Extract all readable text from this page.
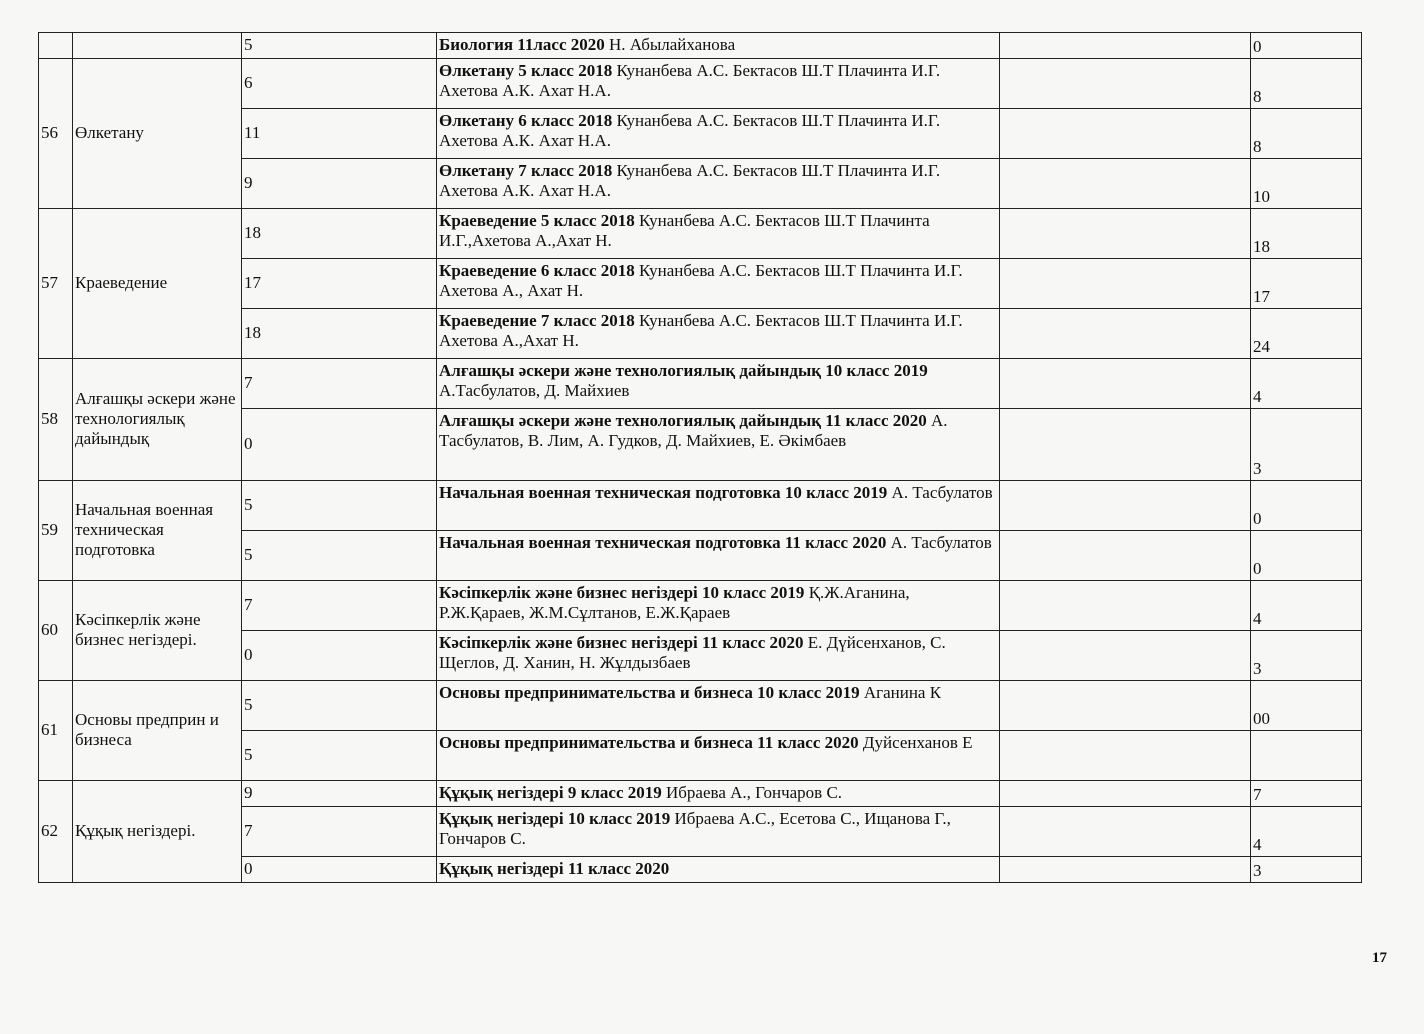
		5	Биология 11ласс 2020 Н. Абылайханова		0
56	Өлкетану	6	Өлкетану 5 класс 2018 Кунанбева А.С. Бектасов Ш.Т Плачинта И.Г. Ахетова А.К. Ахат Н.А.		8
		11	Өлкетану 6 класс 2018 Кунанбева А.С. Бектасов Ш.Т Плачинта И.Г. Ахетова А.К. Ахат Н.А.		8
		9	Өлкетану 7 класс 2018 Кунанбева А.С. Бектасов Ш.Т Плачинта И.Г. Ахетова А.К. Ахат Н.А.		10
57	Краеведение	18	Краеведение 5 класс 2018 Кунанбева А.С. Бектасов Ш.Т Плачинта И.Г.,Ахетова А.,Ахат Н.		18
		17	Краеведение 6 класс 2018 Кунанбева А.С. Бектасов Ш.Т Плачинта И.Г. Ахетова А., Ахат Н.		17
		18	Краеведение 7 класс 2018 Кунанбева А.С. Бектасов Ш.Т Плачинта И.Г. Ахетова А.,Ахат Н.		24
58	Алғашқы әскери және технологиялық дайындық	7	Алғашқы әскери және технологиялық дайындық 10 класс 2019 А.Тасбулатов, Д. Майхиев		4
		0	Алғашқы әскери және технологиялық дайындық 11 класс 2020 А. Тасбулатов, В. Лим, А. Гудков, Д. Майхиев, Е. Әкімбаев		3
59	Начальная военная техническая подготовка	5	Начальная военная техническая подготовка 10 класс 2019 А. Тасбулатов		0
		5	Начальная военная техническая подготовка 11 класс 2020 А. Тасбулатов		0
60	Кәсіпкерлік және бизнес негіздері.	7	Кәсіпкерлік және бизнес негіздері 10 класс 2019 Қ.Ж.Аганина, Р.Ж.Қараев, Ж.М.Сұлтанов, Е.Ж.Қараев		4
		0	Кәсіпкерлік және бизнес негіздері 11 класс 2020 Е. Дүйсенханов, С. Щеглов, Д. Ханин, Н. Жұлдызбаев		3
61	Основы предприн и бизнеса	5	Основы предпринимательства и бизнеса 10 класс 2019 Аганина К		00
		5	Основы предпринимательства и бизнеса 11 класс 2020 Дуйсенханов Е		
62	Құқық негіздері.	9	Құқық негіздері 9 класс 2019 Ибраева А., Гончаров С.		7
		7	Құқық негіздері 10 класс 2019 Ибраева А.С., Есетова С., Ищанова Г., Гончаров С.		4
		0	Құқық негіздері 11 класс 2020		3
17
